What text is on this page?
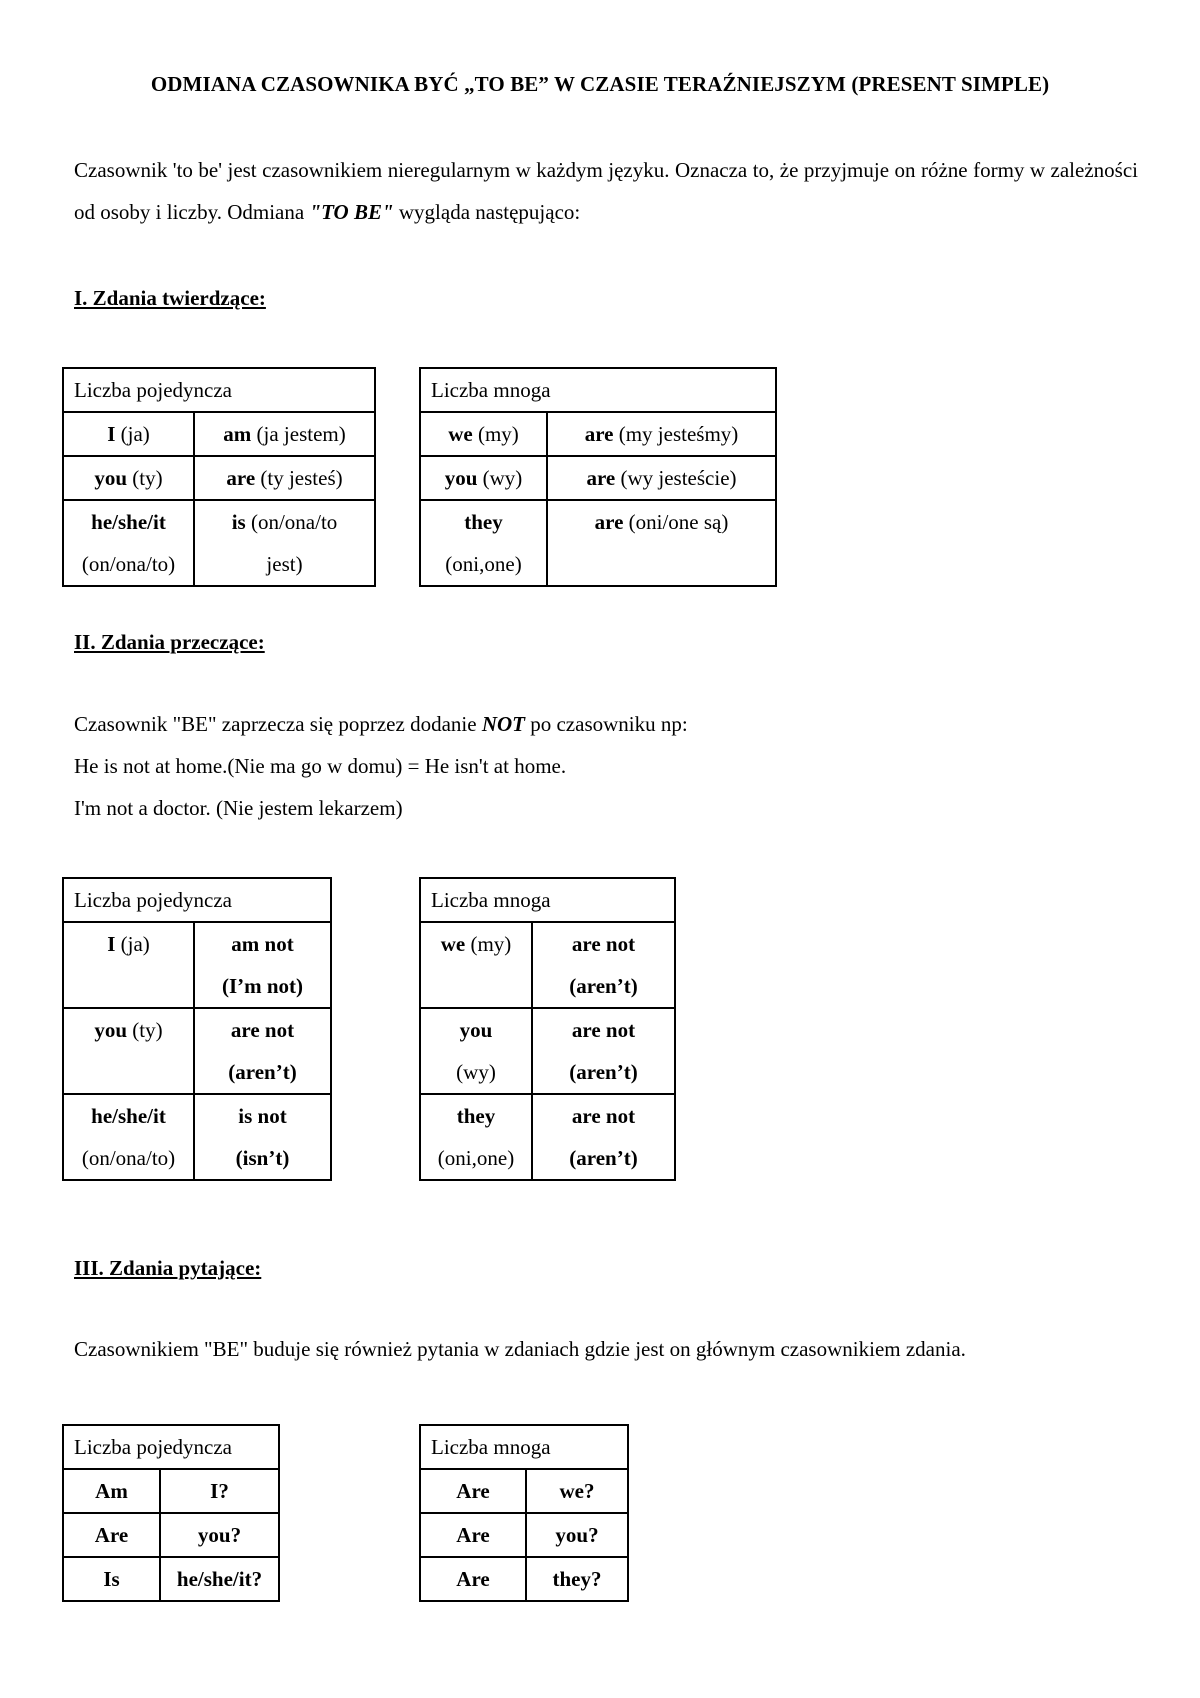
ODMIANA CZASOWNIKA BYĆ „TO BE” W CZASIE TERAŹNIEJSZYM (PRESENT SIMPLE)
Czasownik 'to be' jest czasownikiem nieregularnym w każdym języku. Oznacza to, że przyjmuje on różne formy w zależności od osoby i liczby. Odmiana "TO BE" wygląda następująco:
I. Zdania twierdzące:
Liczba pojedyncza	
I (ja)	am (ja jestem)
you (ty)	are (ty jesteś)
he/she/it
(on/ona/to)	is (on/ona/to
jest)
Liczba mnoga	
we (my)	are (my jesteśmy)
you (wy)	are (wy jesteście)
they
(oni,one)	are (oni/one są)

II. Zdania przeczące:
Czasownik "BE" zaprzecza się poprzez dodanie NOT po czasowniku np:
He is not at home.(Nie ma go w domu) = He isn't at home.
I'm not a doctor. (Nie jestem lekarzem)
Liczba pojedyncza	
I (ja)	am not
(I’m not)
you (ty)	are not
(aren’t)
he/she/it
(on/ona/to)	is not
(isn’t)
Liczba mnoga	
we (my)	are not
(aren’t)
you
(wy)	are not
(aren’t)
they
(oni,one)	are not
(aren’t)
III. Zdania pytające:
Czasownikiem "BE" buduje się również pytania w zdaniach gdzie jest on głównym czasownikiem zdania.
Liczba pojedyncza	
Am	I?
Are	you?
Is	he/she/it?
Liczba mnoga	
Are	we?
Are	you?
Are	they?
